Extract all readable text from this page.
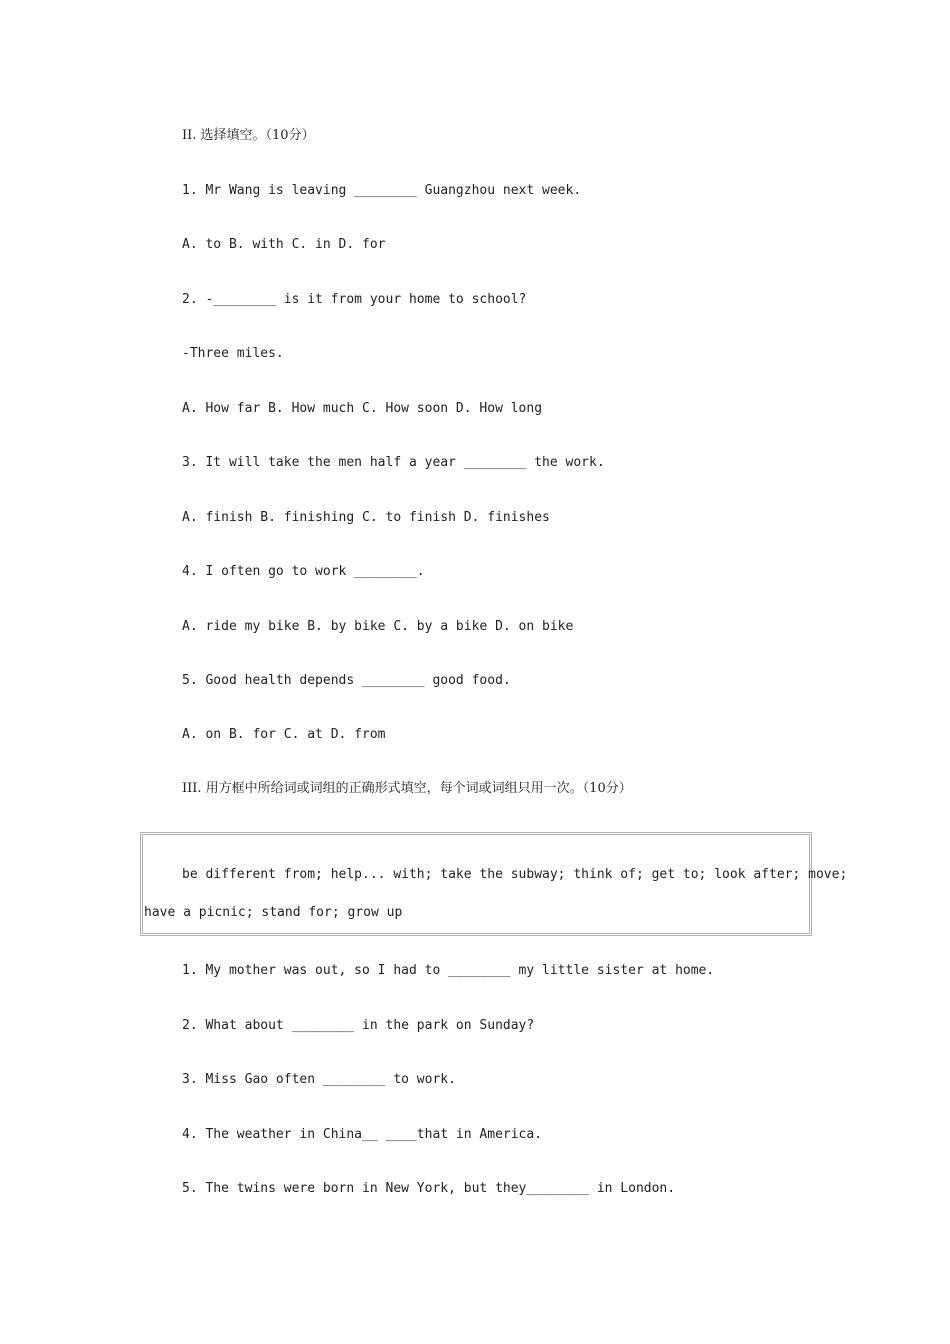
II. 选择填空。（10分）

1. Mr Wang is leaving ________ Guangzhou next week.

A. to B. with C. in D. for

2. -________ is it from your home to school?

-Three miles.

A. How far B. How much C. How soon D. How long

3. It will take the men half a year ________ the work.

A. finish B. finishing C. to finish D. finishes

4. I often go to work ________.

A. ride my bike B. by bike C. by a bike D. on bike

5. Good health depends ________ good food.

A. on B. for C. at D. from

III. 用方框中所给词或词组的正确形式填空，每个词或词组只用一次。（10分）

be different from; help... with; take the subway; think of; get to; look after; move;

have a picnic; stand for; grow up

1. My mother was out, so I had to ________ my little sister at home.

2. What about ________ in the park on Sunday?

3. Miss Gao often ________ to work.

4. The weather in China__ ____that in America.

5. The twins were born in New York, but they________ in London.
